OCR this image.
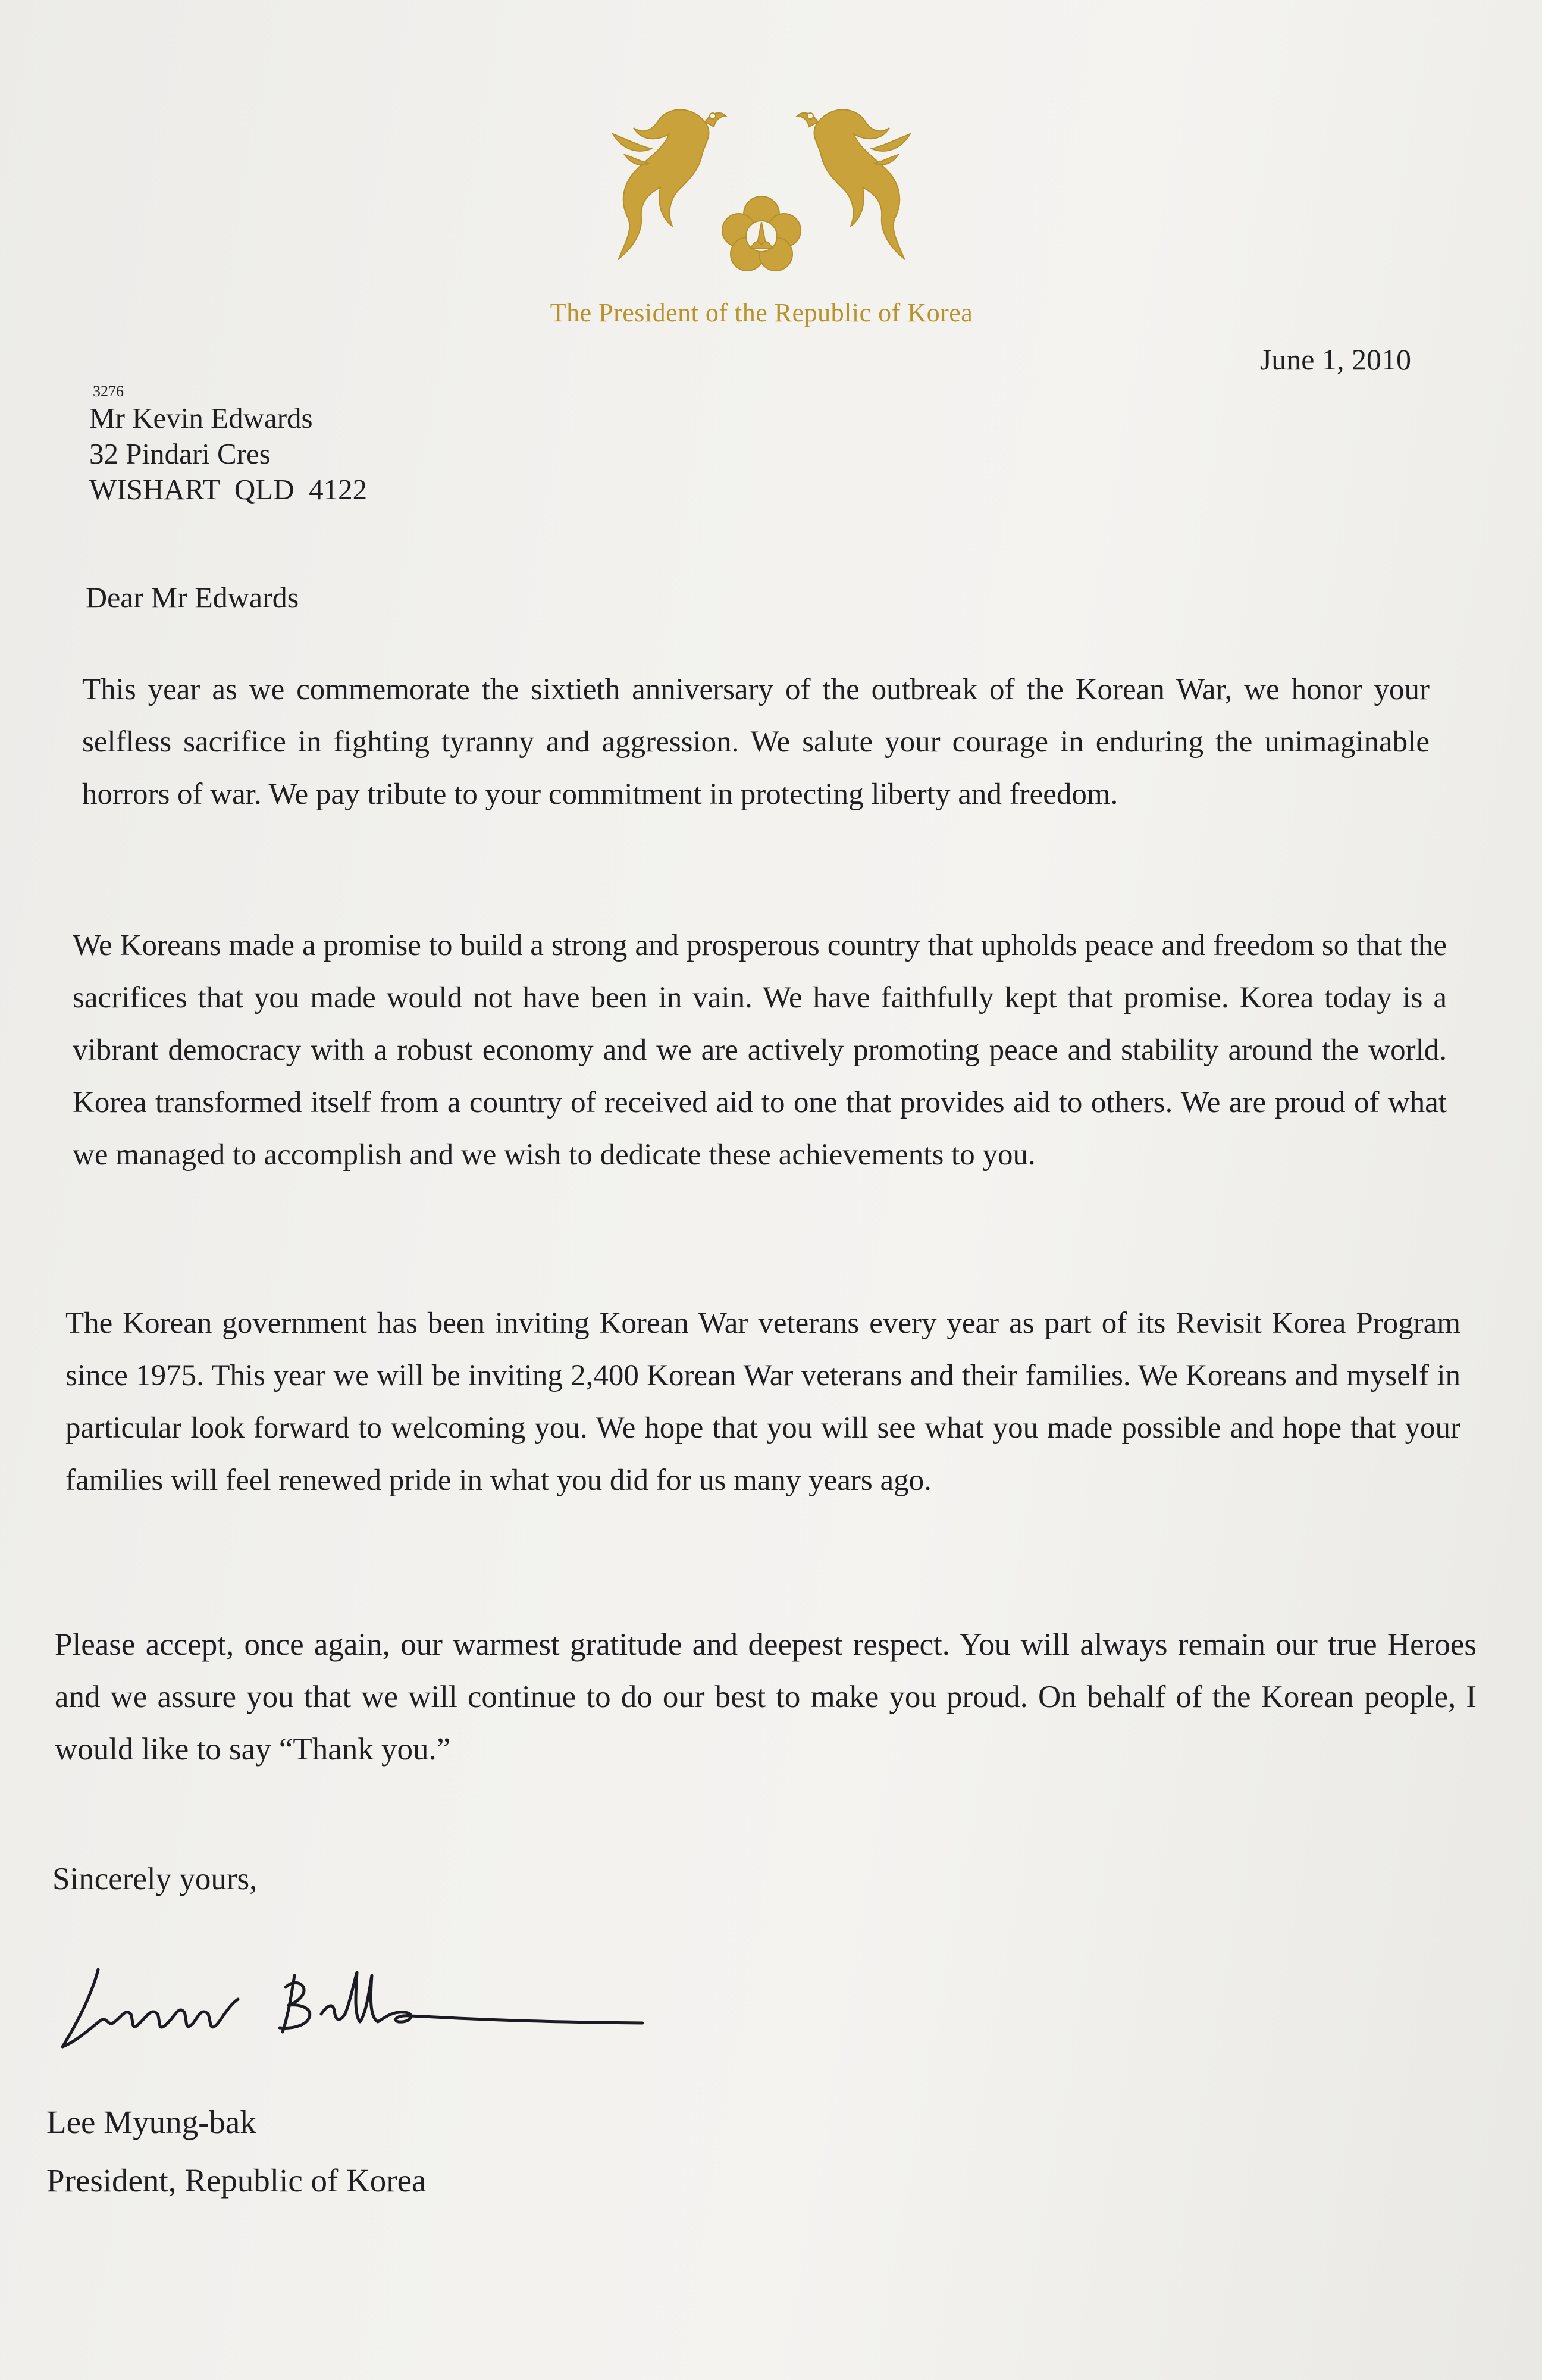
The President of the Republic of Korea
June 1, 2010
3276
Mr Kevin Edwards
32 Pindari Cres
WISHART  QLD  4122
Dear Mr Edwards
This year as we commemorate the sixtieth anniversary of the outbreak of the Korean War, we honor your selfless sacrifice in fighting tyranny and aggression. We salute your courage in enduring the unimaginable horrors of war. We pay tribute to your commitment in protecting liberty and freedom.
We Koreans made a promise to build a strong and prosperous country that upholds peace and freedom so that the sacrifices that you made would not have been in vain. We have faithfully kept that promise. Korea today is a vibrant democracy with a robust economy and we are actively promoting peace and stability around the world. Korea transformed itself from a country of received aid to one that provides aid to others. We are proud of what we managed to accomplish and we wish to dedicate these achievements to you.
The Korean government has been inviting Korean War veterans every year as part of its Revisit Korea Program since 1975. This year we will be inviting 2,400 Korean War veterans and their families. We Koreans and myself in particular look forward to welcoming you. We hope that you will see what you made possible and hope that your families will feel renewed pride in what you did for us many years ago.
Please accept, once again, our warmest gratitude and deepest respect. You will always remain our true Heroes and we assure you that we will continue to do our best to make you proud. On behalf of the Korean people, I would like to say “Thank you.”
Sincerely yours,
Lee Myung-bak
President, Republic of Korea
